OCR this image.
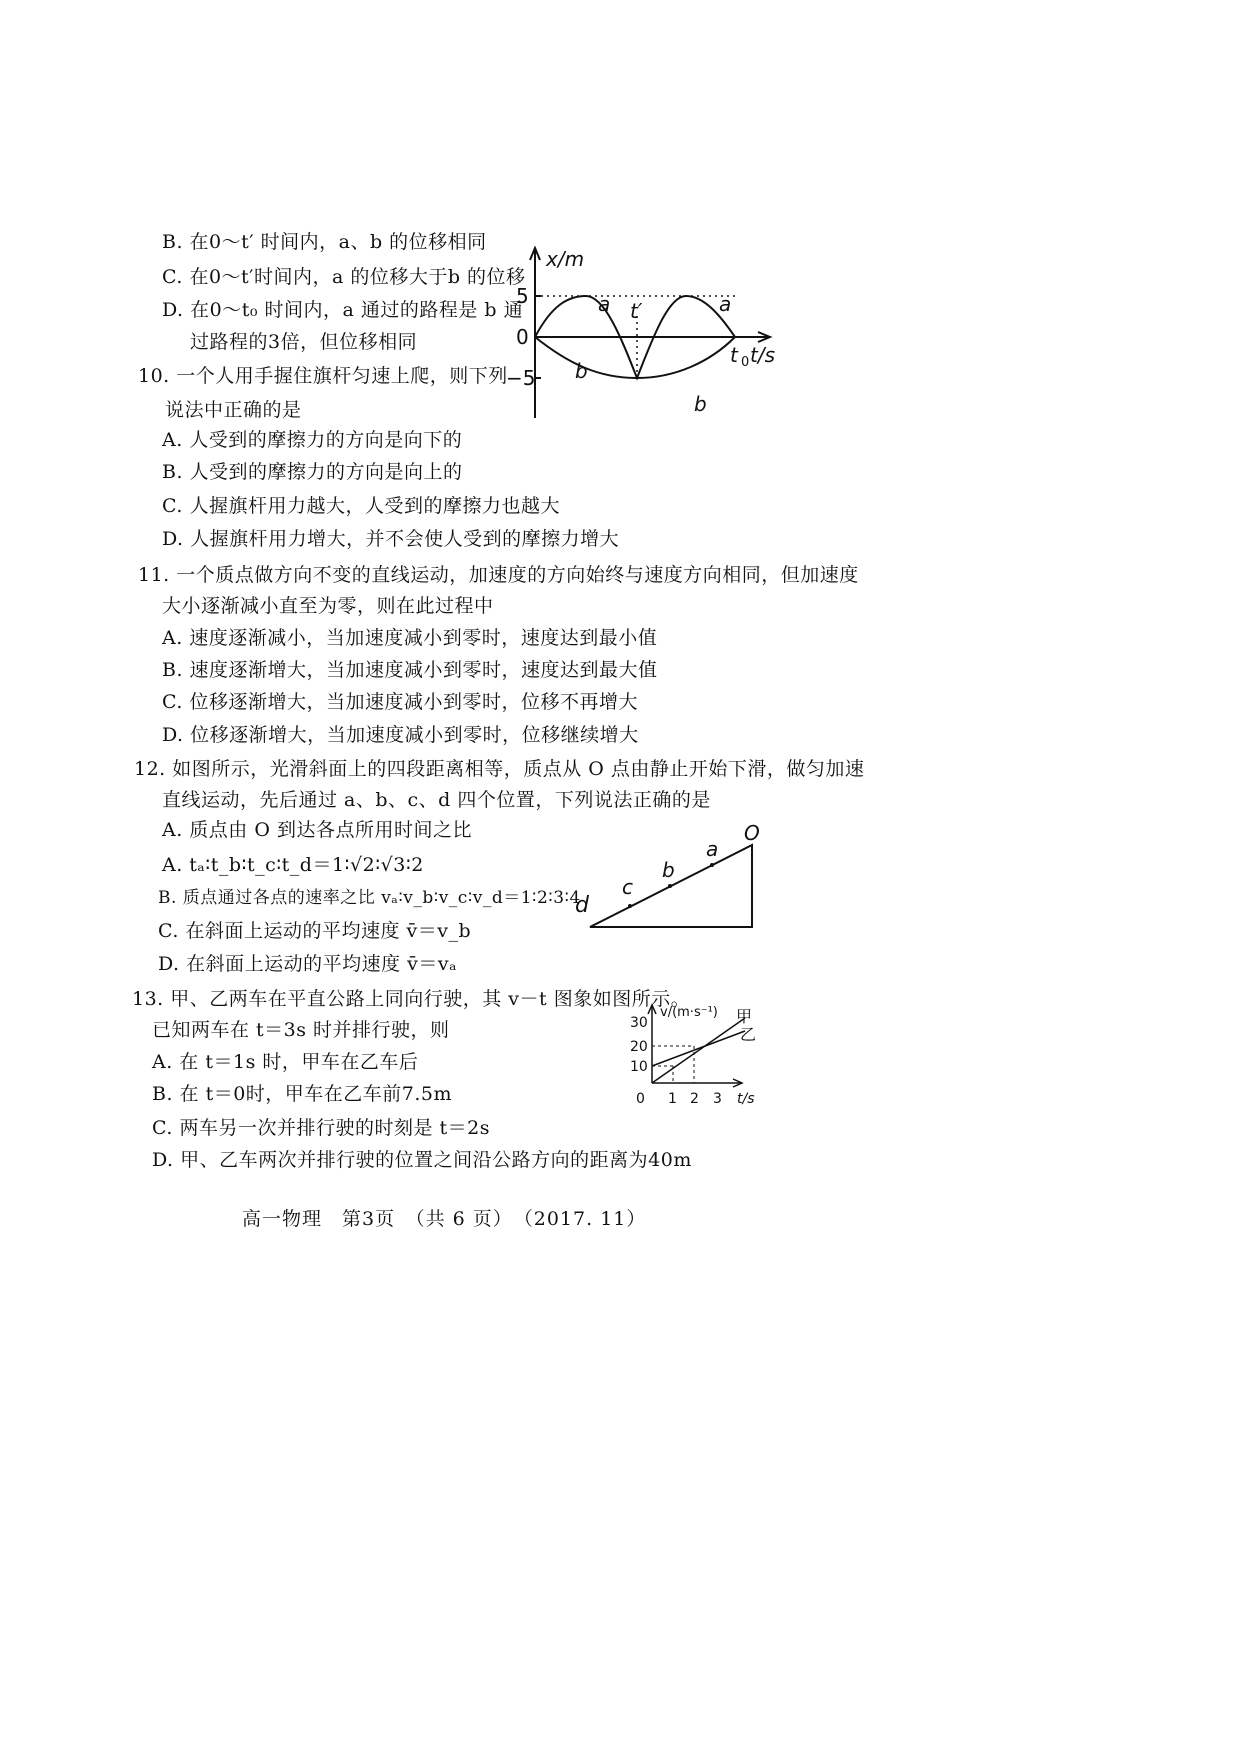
B. 在0～t′ 时间内，a、b 的位移相同
C. 在0～t′时间内，a 的位移大于b 的位移
D. 在0～t₀ 时间内，a 通过的路程是 b 通
过路程的3倍，但位移相同
10. 一个人用手握住旗杆匀速上爬，则下列
说法中正确的是
A. 人受到的摩擦力的方向是向下的
B. 人受到的摩擦力的方向是向上的
C. 人握旗杆用力越大，人受到的摩擦力也越大
D. 人握旗杆用力增大，并不会使人受到的摩擦力增大
11. 一个质点做方向不变的直线运动，加速度的方向始终与速度方向相同，但加速度
大小逐渐减小直至为零，则在此过程中
A. 速度逐渐减小，当加速度减小到零时，速度达到最小值
B. 速度逐渐增大，当加速度减小到零时，速度达到最大值
C. 位移逐渐增大，当加速度减小到零时，位移不再增大
D. 位移逐渐增大，当加速度减小到零时，位移继续增大
12. 如图所示，光滑斜面上的四段距离相等，质点从 O 点由静止开始下滑，做匀加速
直线运动，先后通过 a、b、c、d 四个位置，下列说法正确的是
A. 质点由 O 到达各点所用时间之比
A. tₐ∶t_b∶t_c∶t_d＝1∶√2∶√3∶2
B. 质点通过各点的速率之比 vₐ∶v_b∶v_c∶v_d＝1∶2∶3∶4
C. 在斜面上运动的平均速度 v̄＝v_b
D. 在斜面上运动的平均速度 v̄＝vₐ
13. 甲、乙两车在平直公路上同向行驶，其 v－t 图象如图所示。
已知两车在 t＝3s 时并排行驶，则
A. 在 t＝1s 时，甲车在乙车后
B. 在 t＝0时，甲车在乙车前7.5m
C. 两车另一次并排行驶的时刻是 t＝2s
D. 甲、乙车两次并排行驶的位置之间沿公路方向的距离为40m
高一物理　第3页　（共 6 页）　（2017. 11）
x/m
5
0
−5
t′
t 0 t/s
a	a
b
b
O
a
b
c
d
v/(m·s⁻¹)
30
20
10
0 1 2 3 t/s
甲
乙
